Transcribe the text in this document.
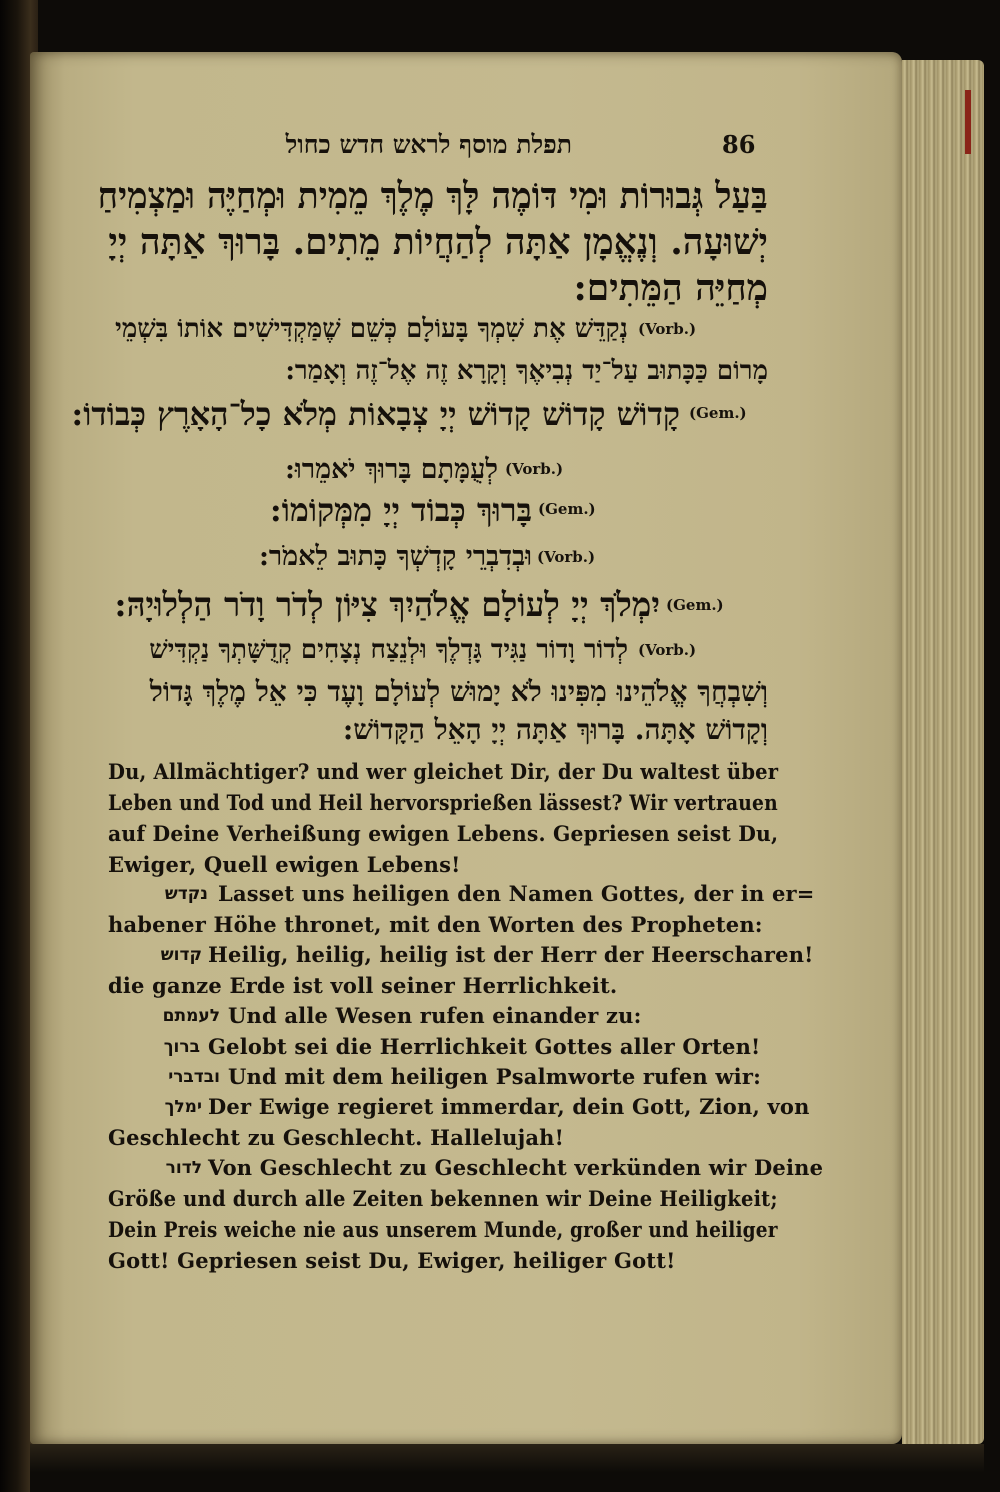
תפלת מוסף לראש חדש כחול	86

בַּעַל גְּבוּרוֹת וּמִי דּוֹמֶה לָּךְ מֶלֶךְ מֵמִית וּמְחַיֶּה וּמַצְמִיחַ

יְשׁוּעָה. וְנֶאֱמָן אַתָּה לְהַחֲיוֹת מֵתִים. בָּרוּךְ אַתָּה יְיָ

מְחַיֵּה הַמֵּתִים:

(Vorb.)

נְקַדֵּשׁ אֶת שִׁמְךָ בָּעוֹלָם כְּשֵׁם שֶׁמַּקְדִּישִׁים אוֹתוֹ בִּשְׁמֵי

מָרוֹם כַּכָּתוּב עַל־יַד נְבִיאֶךָ וְקָרָא זֶה אֶל־זֶה וְאָמַר:

(Gem.)

קָדוֹשׁ קָדוֹשׁ קָדוֹשׁ יְיָ צְבָאוֹת מְלֹא כָל־הָאָרֶץ כְּבוֹדוֹ:

(Vorb.)

לְעֻמָּתָם בָּרוּךְ יֹאמֵרוּ:

(Gem.)

בָּרוּךְ כְּבוֹד יְיָ מִמְּקוֹמוֹ:

(Vorb.)

וּבְדִבְרֵי קָדְשְׁךָ כָּתוּב לֵאמֹר:

(Gem.)

יִמְלֹךְ יְיָ לְעוֹלָם אֱלֹהַיִךְ צִיּוֹן לְדֹר וָדֹר הַלְלוּיָהּ:

(Vorb.)

לְדוֹר וָדוֹר נַגִּיד גָּדְלֶךָ וּלְנֵצַח נְצָחִים קְדֻשָּׁתְךָ נַקְדִּישׁ

וְשִׁבְחֲךָ אֱלֹהֵינוּ מִפִּינוּ לֹא יָמוּשׁ לְעוֹלָם וָעֶד כִּי אֵל מֶלֶךְ גָּדוֹל

וְקָדוֹשׁ אָתָּה. בָּרוּךְ אַתָּה יְיָ הָאֵל הַקָּדוֹשׁ:

Du, Allmächtiger? und wer gleichet Dir, der Du waltest über

Leben und Tod und Heil hervorsprießen lässest? Wir vertrauen

auf Deine Verheißung ewigen Lebens. Gepriesen seist Du,

Ewiger, Quell ewigen Lebens!

נקדש Lasset uns heiligen den Namen Gottes, der in er=

habener Höhe thronet, mit den Worten des Propheten:

קדוש Heilig, heilig, heilig ist der Herr der Heerscharen!

die ganze Erde ist voll seiner Herrlichkeit.

לעמתם Und alle Wesen rufen einander zu:

ברוך Gelobt sei die Herrlichkeit Gottes aller Orten!

ובדברי Und mit dem heiligen Psalmworte rufen wir:

ימלך Der Ewige regieret immerdar, dein Gott, Zion, von

Geschlecht zu Geschlecht. Hallelujah!

לדור Von Geschlecht zu Geschlecht verkünden wir Deine

Größe und durch alle Zeiten bekennen wir Deine Heiligkeit;

Dein Preis weiche nie aus unserem Munde, großer und heiliger

Gott! Gepriesen seist Du, Ewiger, heiliger Gott!
